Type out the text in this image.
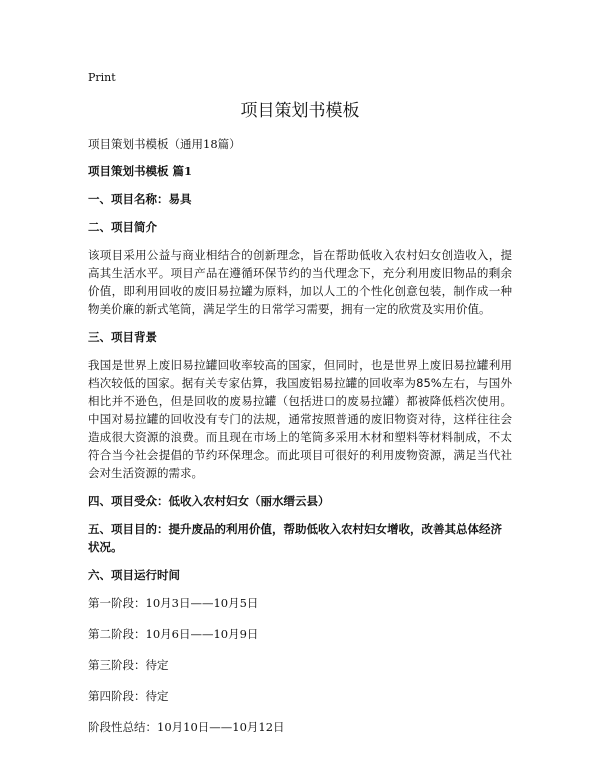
Print
项目策划书模板
项目策划书模板（通用18篇）
项目策划书模板 篇1
一、项目名称：易具
二、项目简介
该项目采用公益与商业相结合的创新理念，旨在帮助低收入农村妇女创造收入，提高其生活水平。项目产品在遵循环保节约的当代理念下，充分利用废旧物品的剩余价值，即利用回收的废旧易拉罐为原料，加以人工的个性化创意包装，制作成一种物美价廉的新式笔筒，满足学生的日常学习需要，拥有一定的欣赏及实用价值。
三、项目背景
我国是世界上废旧易拉罐回收率较高的国家，但同时，也是世界上废旧易拉罐利用档次较低的国家。据有关专家估算，我国废铝易拉罐的回收率为85%左右，与国外相比并不逊色，但是回收的废易拉罐（包括进口的废易拉罐）都被降低档次使用。中国对易拉罐的回收没有专门的法规，通常按照普通的废旧物资对待，这样往往会造成很大资源的浪费。而且现在市场上的笔筒多采用木材和塑料等材料制成，不太符合当今社会提倡的节约环保理念。而此项目可很好的利用废物资源，满足当代社会对生活资源的需求。
四、项目受众：低收入农村妇女（丽水缙云县）
五、项目目的：提升废品的利用价值，帮助低收入农村妇女增收，改善其总体经济状况。
六、项目运行时间
第一阶段：10月3日——10月5日
第二阶段：10月6日——10月9日
第三阶段：待定
第四阶段：待定
阶段性总结：10月10日——10月12日
